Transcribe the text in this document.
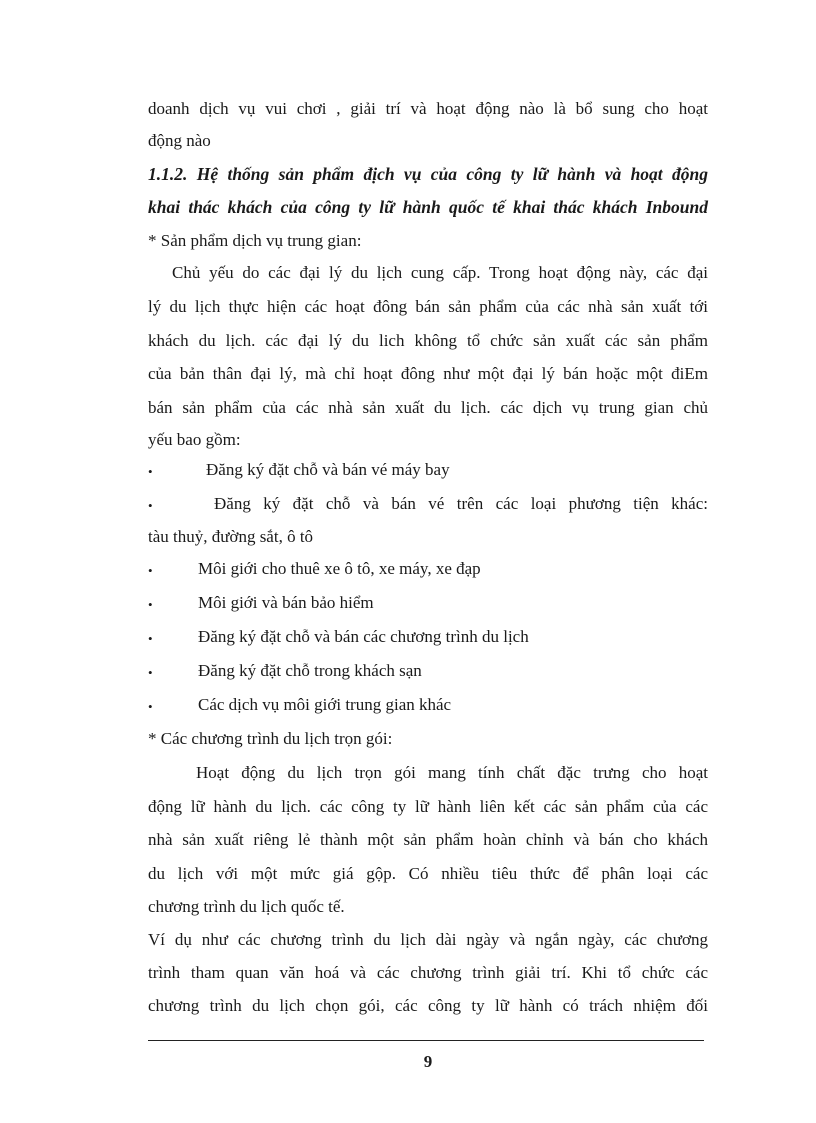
doanh dịch vụ vui chơi , giải trí và hoạt động nào là bổ sung cho hoạt
động nào
1.1.2. Hệ thống sản phẩm địch vụ của công ty lữ hành và hoạt động
khai thác khách của công ty lữ hành quốc tế khai thác khách Inbound
* Sản phẩm dịch vụ trung gian:
Chủ yếu do các đại lý du lịch cung cấp. Trong hoạt động này, các đại
lý du lịch thực hiện các hoạt đông bán sản phẩm của các nhà sản xuất tới
khách du lịch. các đại lý du lich không tổ chức sản xuất các sản phẩm
của bản thân đại lý, mà chỉ hoạt đông như một đại lý bán hoặc một điEm
bán sản phẩm của các nhà sản xuất du lịch. các dịch vụ trung gian chủ
yếu bao gồm:
•	Đăng ký đặt chỗ và bán vé máy bay
•	Đăng ký đặt chỗ và bán vé trên các loại phương tiện khác:
tàu thuỷ, đường sắt, ô tô
•	Môi giới cho thuê xe ô tô, xe máy, xe đạp
•	Môi giới và bán bảo hiểm
•	Đăng ký đặt chỗ và bán các chương trình du lịch
•	Đăng ký đặt chỗ trong khách sạn
•	Các dịch vụ môi giới trung gian khác
* Các chương trình du lịch trọn gói:
Hoạt động du lịch trọn gói mang tính chất đặc trưng cho hoạt
động lữ hành du lịch. các công ty lữ hành liên kết các sản phẩm của các
nhà sản xuất riêng lẻ thành một sản phẩm hoàn chỉnh và bán cho khách
du lịch với một mức giá gộp. Có nhiều tiêu thức để phân loại các
chương trình du lịch quốc tế.
Ví dụ như các chương trình du lịch dài ngày và ngắn ngày, các chương
trình tham quan văn hoá và các chương trình giải trí. Khi tổ chức các
chương trình du lịch chọn gói, các công ty lữ hành có trách nhiệm đối
9
